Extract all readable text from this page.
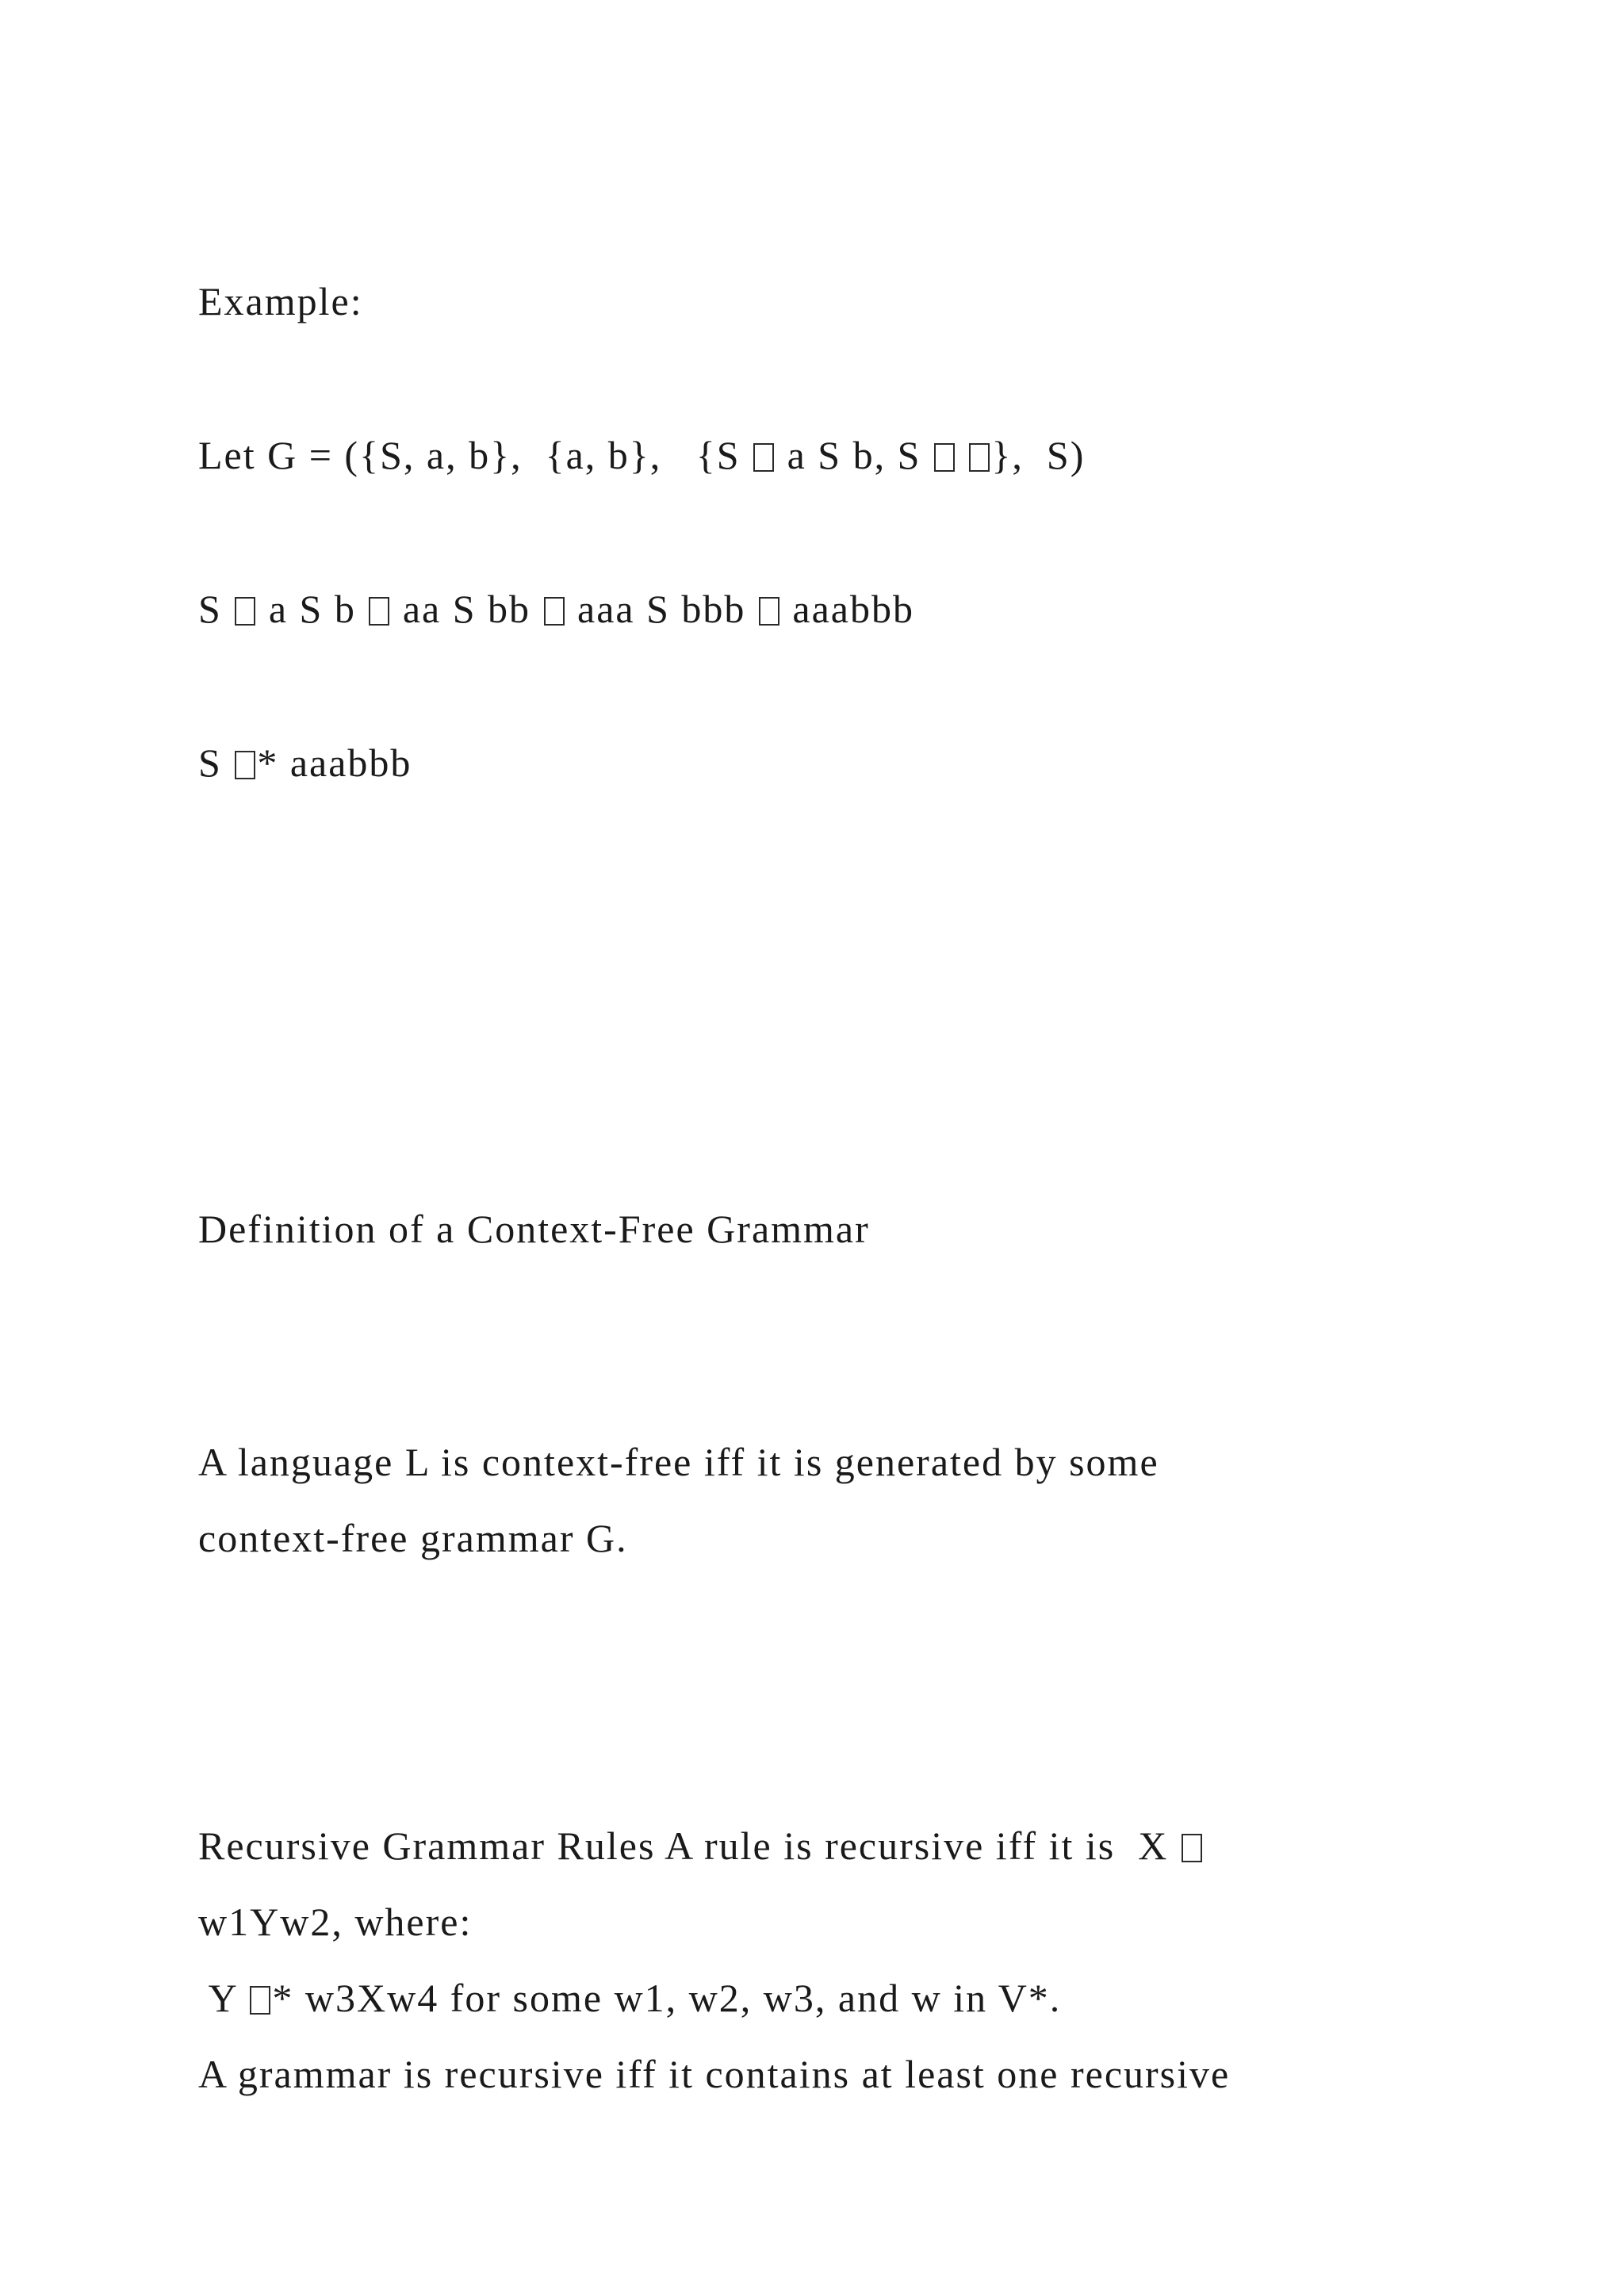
Example:
Let G = ({S, a, b},  {a, b},   {S  a S b, S  },  S)
S  a S b  aa S bb  aaa S bbb  aaabbb
S * aaabbb
Definition of a Context-Free Grammar
A language L is context-free iff it is generated by some
context-free grammar G.
Recursive Grammar Rules A rule is recursive iff it is  X
w1Yw2, where:
Y * w3Xw4 for some w1, w2, w3, and w in V*.
A grammar is recursive iff it contains at least one recursive
